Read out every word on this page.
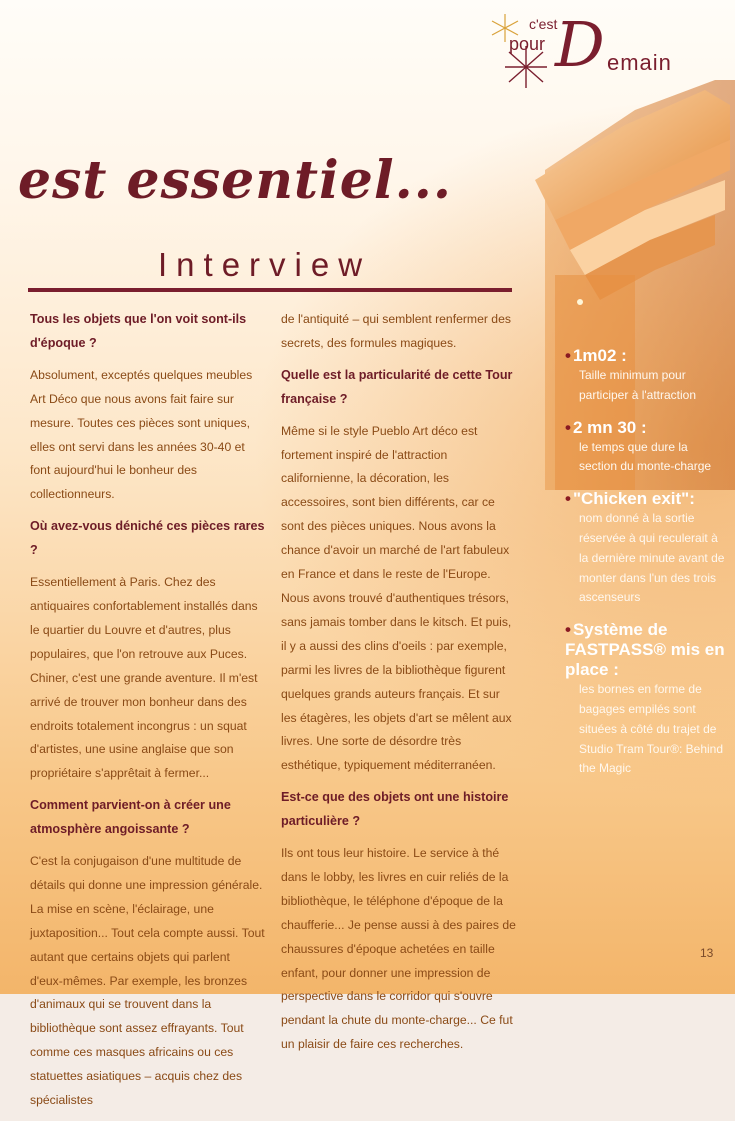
c'est
pour D emain
est essentiel...
Interview

Tous les objets que l'on voit sont-ils d'époque ?

Absolument, exceptés quelques meubles Art Déco que nous avons fait faire sur mesure. Toutes ces pièces sont uniques, elles ont servi dans les années 30-40 et font aujourd'hui le bonheur des collectionneurs.

Où avez-vous déniché ces pièces rares ?

Essentiellement à Paris. Chez des antiquaires confortablement installés dans le quartier du Louvre et d'autres, plus populaires, que l'on retrouve aux Puces. Chiner, c'est une grande aventure. Il m'est arrivé de trouver mon bonheur dans des endroits totalement incongrus : un squat d'artistes, une usine anglaise que son propriétaire s'apprêtait à fermer...

Comment parvient-on à créer une atmosphère angoissante ?

C'est la conjugaison d'une multitude de détails qui donne une impression générale. La mise en scène, l'éclairage, une juxtaposition... Tout cela compte aussi. Tout autant que certains objets qui parlent d'eux-mêmes. Par exemple, les bronzes d'animaux qui se trouvent dans la bibliothèque sont assez effrayants. Tout comme ces masques africains ou ces statuettes asiatiques – acquis chez des spécialistes

de l'antiquité – qui semblent renfermer des secrets, des formules magiques.

Quelle est la particularité de cette Tour française ?

Même si le style Pueblo Art déco est fortement inspiré de l'attraction californienne, la décoration, les accessoires, sont bien différents, car ce sont des pièces uniques. Nous avons la chance d'avoir un marché de l'art fabuleux en France et dans le reste de l'Europe. Nous avons trouvé d'authentiques trésors, sans jamais tomber dans le kitsch. Et puis, il y a aussi des clins d'oeils : par exemple, parmi les livres de la bibliothèque figurent quelques grands auteurs français. Et sur les étagères, les objets d'art se mêlent aux livres. Une sorte de désordre très esthétique, typiquement méditerranéen.

Est-ce que des objets ont une histoire particulière ?

Ils ont tous leur histoire. Le service à thé dans le lobby, les livres en cuir reliés de la bibliothèque, le téléphone d'époque de la chaufferie... Je pense aussi à des paires de chaussures d'époque achetées en taille enfant, pour donner une impression de perspective dans le corridor qui s'ouvre pendant la chute du monte-charge... Ce fut un plaisir de faire ces recherches.

• 1m02 :
Taille minimum pour participer à l'attraction
• 2 mn 30 :
le temps que dure la section du monte-charge
• "Chicken exit":
nom donné à la sortie réservée à qui reculerait à la dernière minute avant de monter dans l'un des trois ascenseurs
• Système de FASTPASS® mis en place :
les bornes en forme de bagages empilés sont situées à côté du trajet de Studio Tram Tour®: Behind the Magic
13
